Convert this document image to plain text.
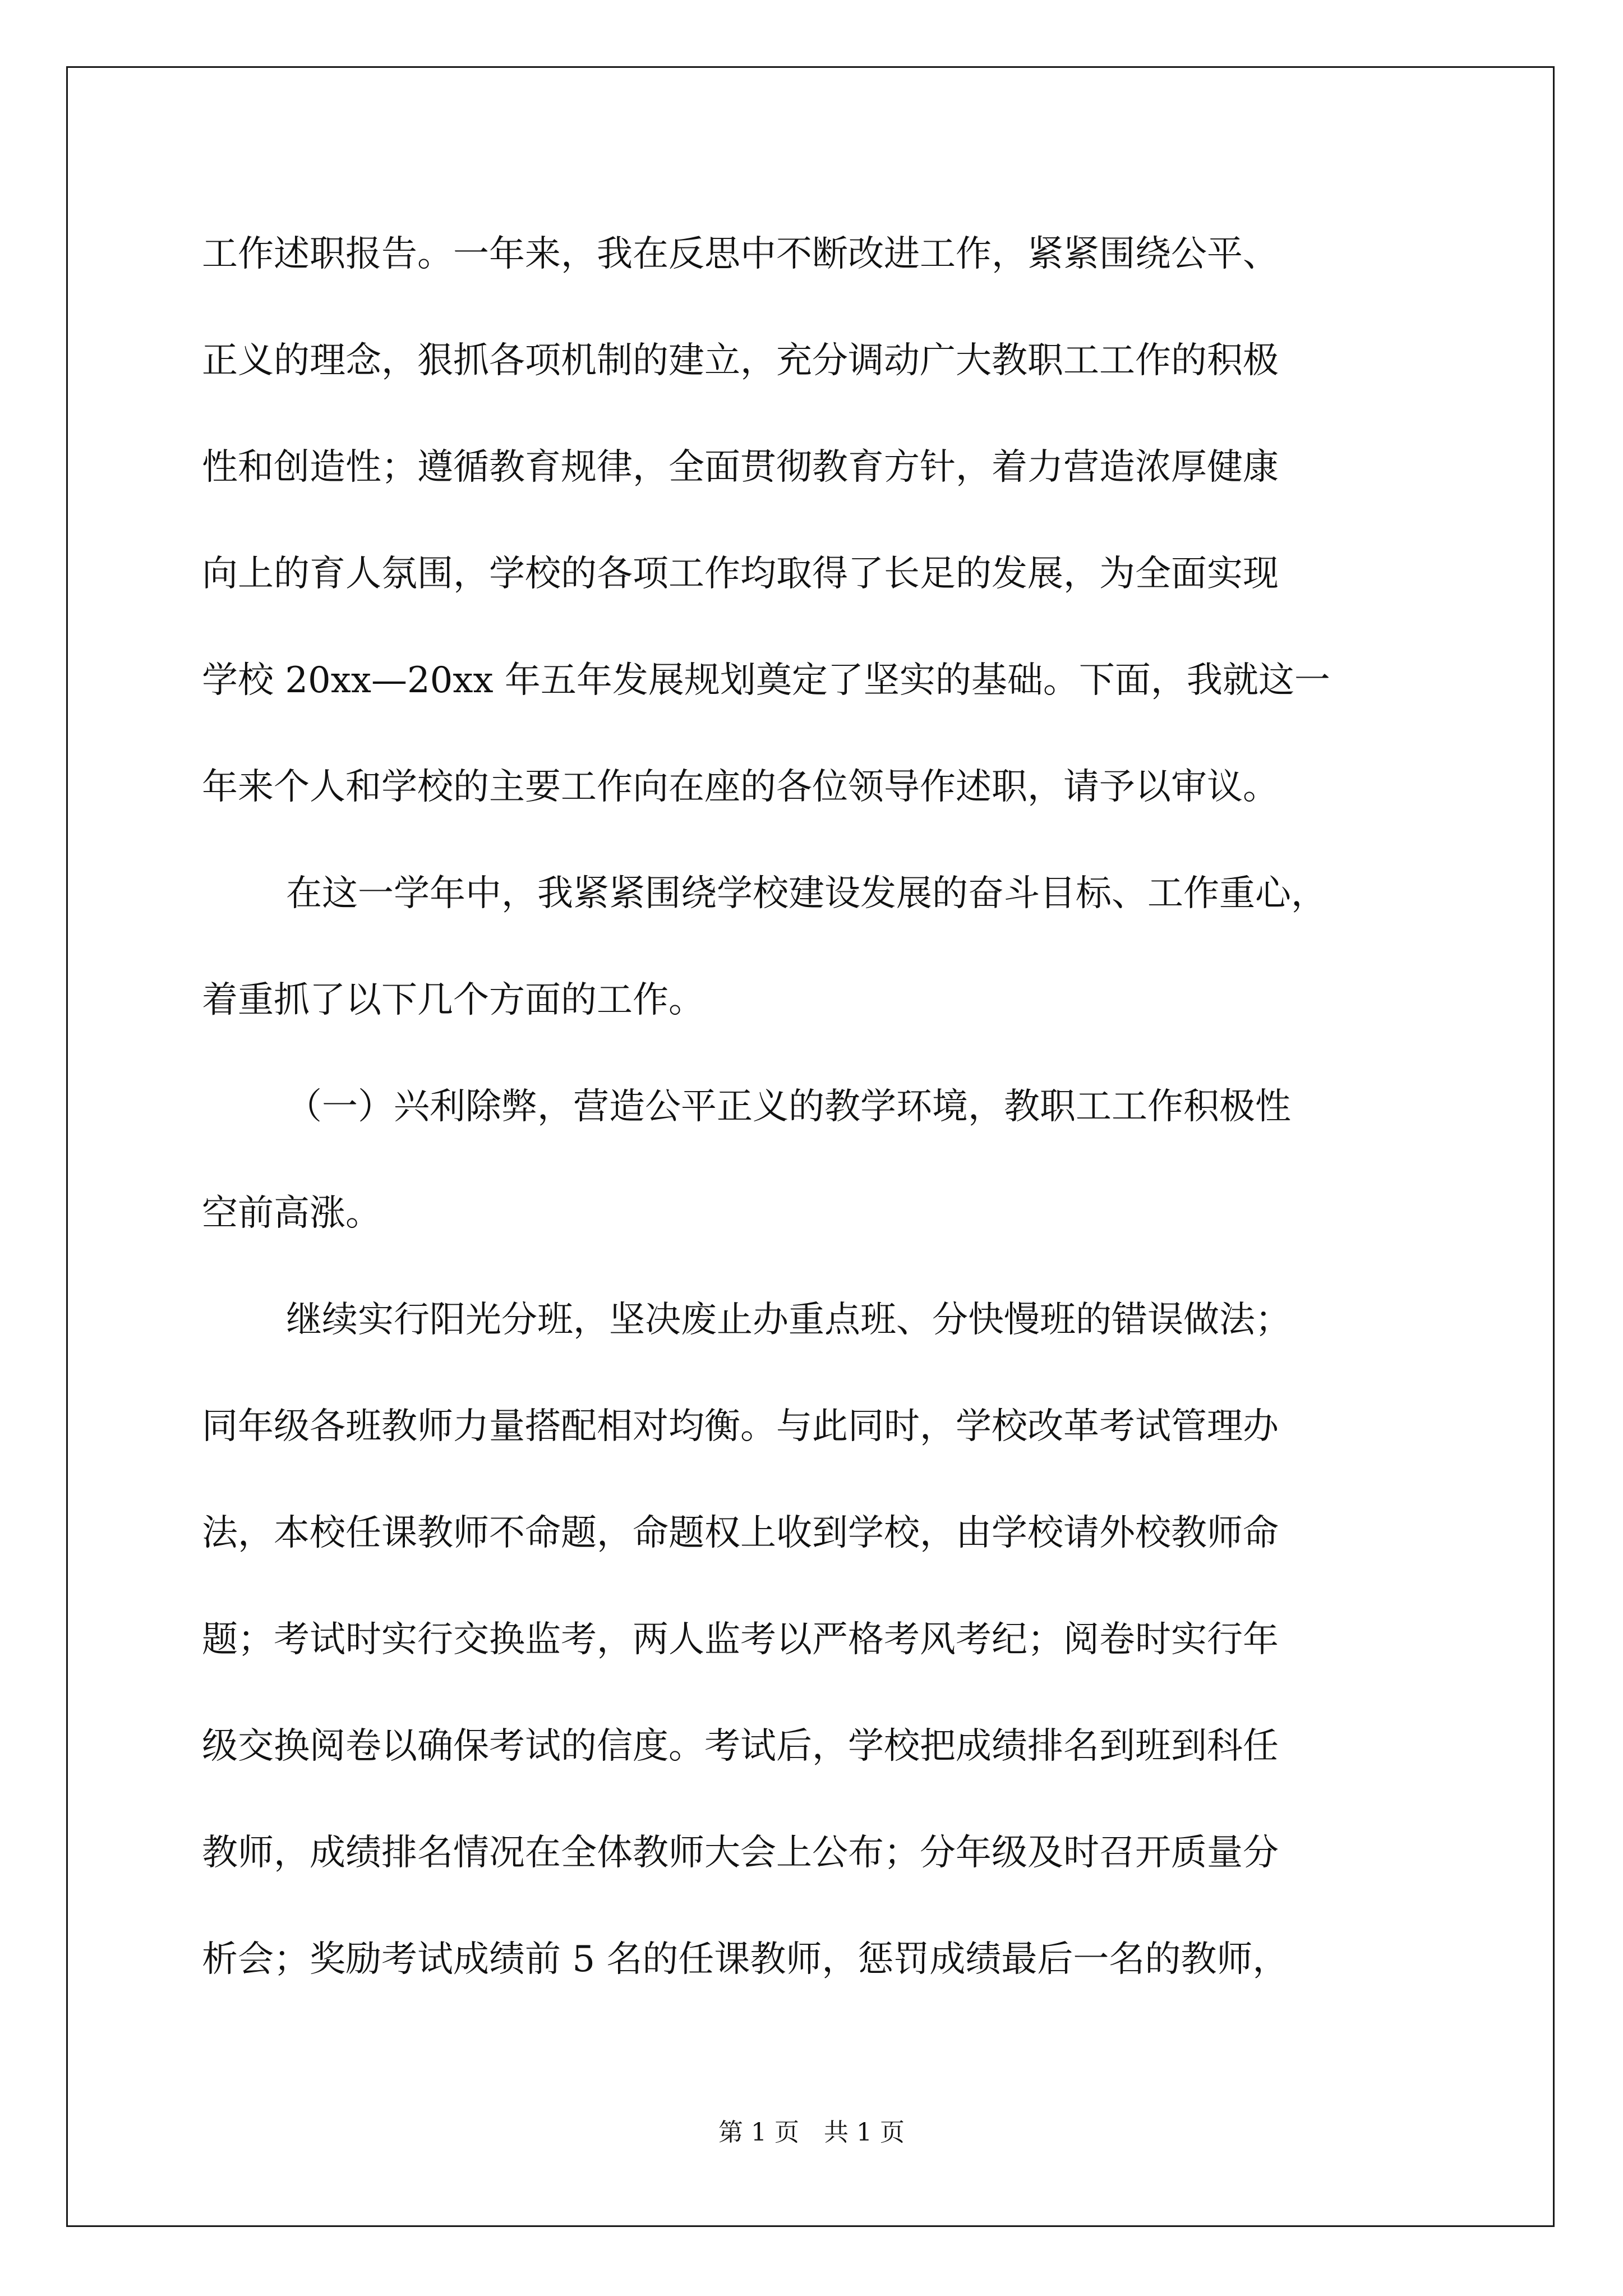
工作述职报告。一年来，我在反思中不断改进工作，紧紧围绕公平、
正义的理念，狠抓各项机制的建立，充分调动广大教职工工作的积极
性和创造性；遵循教育规律，全面贯彻教育方针，着力营造浓厚健康
向上的育人氛围，学校的各项工作均取得了长足的发展，为全面实现
学校 20xx—20xx 年五年发展规划奠定了坚实的基础。下面，我就这一
年来个人和学校的主要工作向在座的各位领导作述职，请予以审议。
在这一学年中，我紧紧围绕学校建设发展的奋斗目标、工作重心，
着重抓了以下几个方面的工作。
（一）兴利除弊，营造公平正义的教学环境，教职工工作积极性
空前高涨。
继续实行阳光分班，坚决废止办重点班、分快慢班的错误做法；
同年级各班教师力量搭配相对均衡。与此同时，学校改革考试管理办
法，本校任课教师不命题，命题权上收到学校，由学校请外校教师命
题；考试时实行交换监考，两人监考以严格考风考纪；阅卷时实行年
级交换阅卷以确保考试的信度。考试后，学校把成绩排名到班到科任
教师，成绩排名情况在全体教师大会上公布；分年级及时召开质量分
析会；奖励考试成绩前 5 名的任课教师，惩罚成绩最后一名的教师，
第 1 页　共 1 页
